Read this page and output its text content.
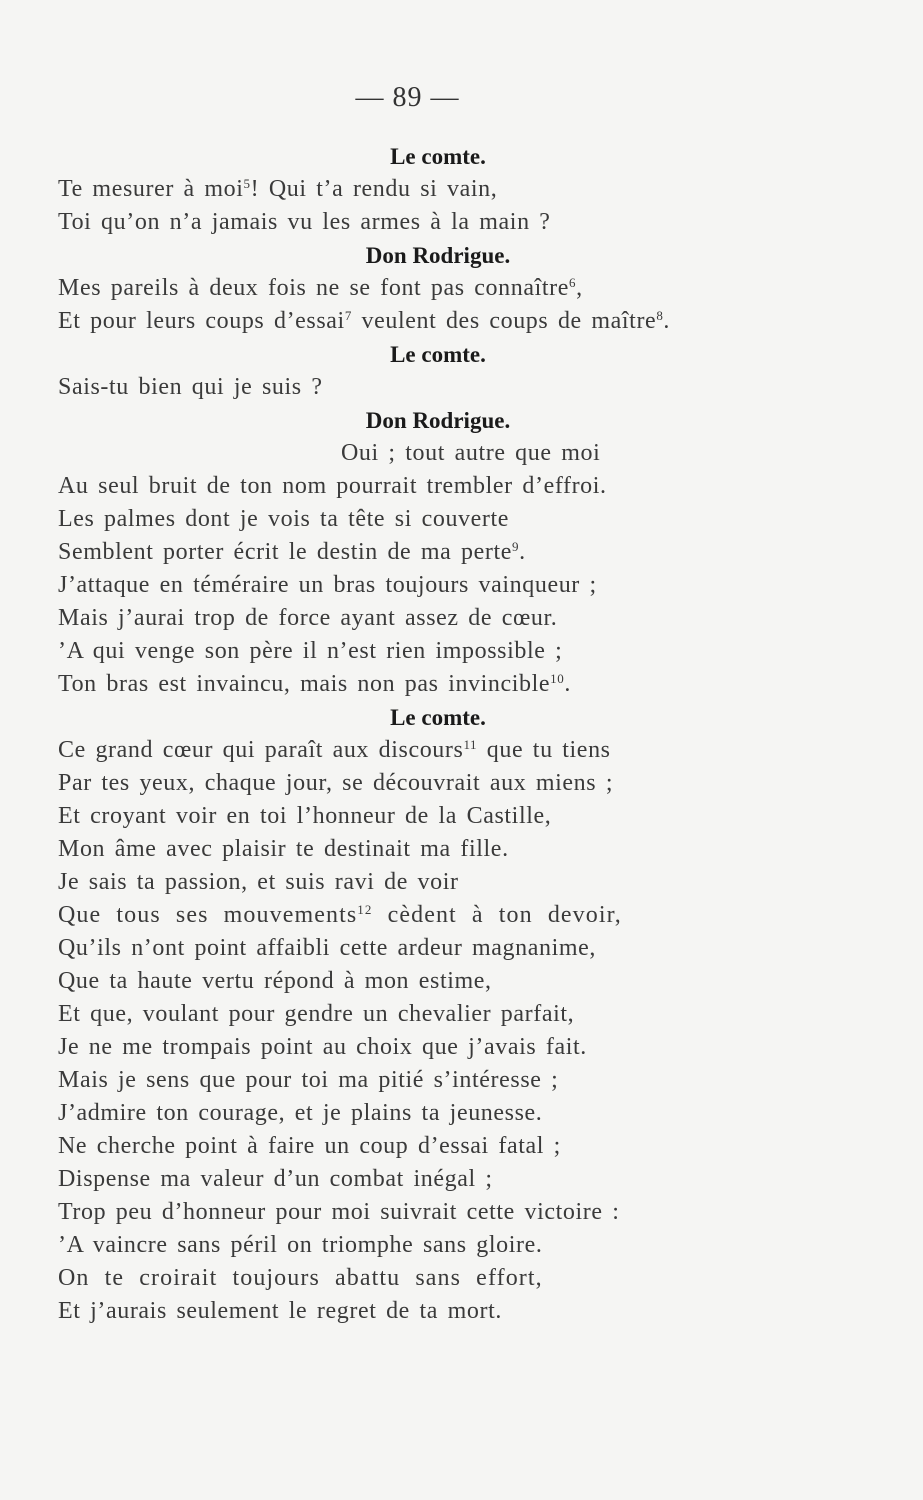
— 89 —
Le comte.
Te mesurer à moi$^5$! Qui t’a rendu si vain,
Toi qu’on n’a jamais vu les armes à la main ?
Don Rodrigue.
Mes pareils à deux fois ne se font pas connaître$^6$,
Et pour leurs coups d’essai$^7$ veulent des coups de maître$^8$.
Le comte.
Sais-tu bien qui je suis ?
Don Rodrigue.
Oui ; tout autre que moi
Au seul bruit de ton nom pourrait trembler d’effroi.
Les palmes dont je vois ta tête si couverte
Semblent porter écrit le destin de ma perte$^9$.
J’attaque en téméraire un bras toujours vainqueur ;
Mais j’aurai trop de force ayant assez de cœur.
’A qui venge son père il n’est rien impossible ;
Ton bras est invaincu, mais non pas invincible$^{10}$.
Le comte.
Ce grand cœur qui paraît aux discours$^{11}$ que tu tiens
Par tes yeux, chaque jour, se découvrait aux miens ;
Et croyant voir en toi l’honneur de la Castille,
Mon âme avec plaisir te destinait ma fille.
Je sais ta passion, et suis ravi de voir
Que tous ses mouvements$^{12}$ cèdent à ton devoir,
Qu’ils n’ont point affaibli cette ardeur magnanime,
Que ta haute vertu répond à mon estime,
Et que, voulant pour gendre un chevalier parfait,
Je ne me trompais point au choix que j’avais fait.
Mais je sens que pour toi ma pitié s’intéresse ;
J’admire ton courage, et je plains ta jeunesse.
Ne cherche point à faire un coup d’essai fatal ;
Dispense ma valeur d’un combat inégal ;
Trop peu d’honneur pour moi suivrait cette victoire :
’A vaincre sans péril on triomphe sans gloire.
On te croirait toujours abattu sans effort,
Et j’aurais seulement le regret de ta mort.
